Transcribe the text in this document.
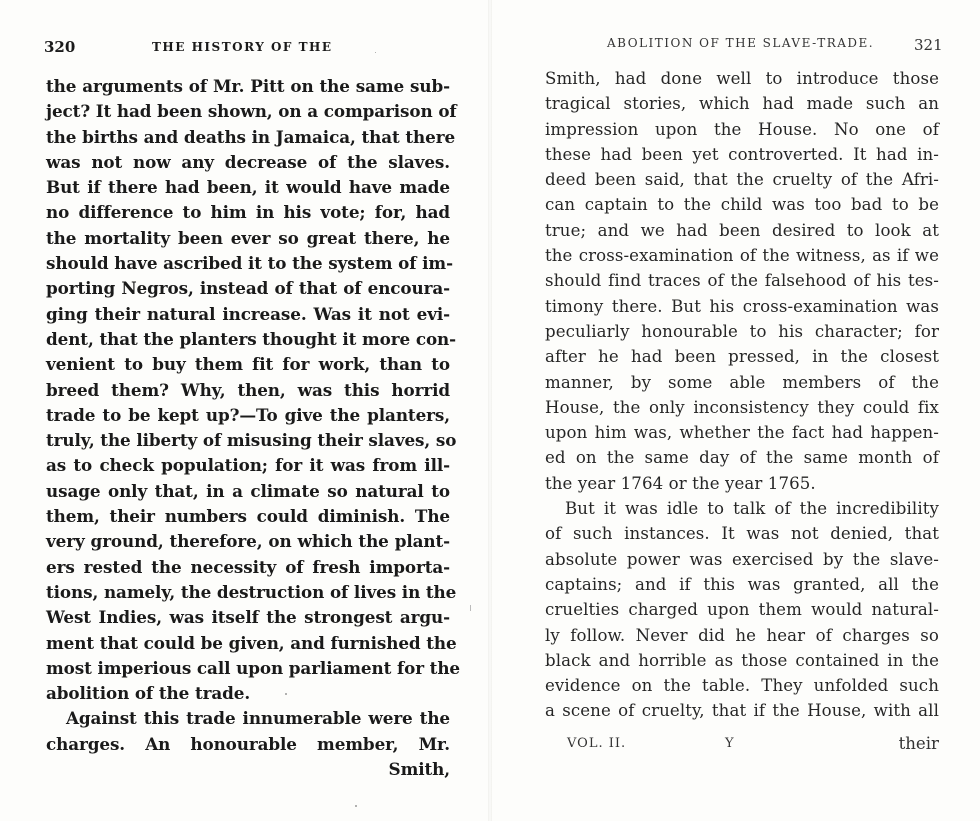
320	THE HISTORY OF THE
the arguments of Mr. Pitt on the same sub-
ject? It had been shown, on a comparison of
the births and deaths in Jamaica, that there
was not now any decrease of the slaves.
But if there had been, it would have made
no difference to him in his vote; for, had
the mortality been ever so great there, he
should have ascribed it to the system of im-
porting Negros, instead of that of encoura-
ging their natural increase. Was it not evi-
dent, that the planters thought it more con-
venient to buy them fit for work, than to
breed them? Why, then, was this horrid
trade to be kept up?—To give the planters,
truly, the liberty of misusing their slaves, so
as to check population; for it was from ill-
usage only that, in a climate so natural to
them, their numbers could diminish. The
very ground, therefore, on which the plant-
ers rested the necessity of fresh importa-
tions, namely, the destruction of lives in the
West Indies, was itself the strongest argu-
ment that could be given, and furnished the
most imperious call upon parliament for the
abolition of the trade.
Against this trade innumerable were the
charges. An honourable member, Mr.
Smith,
ABOLITION OF THE SLAVE-TRADE.	321
Smith, had done well to introduce those
tragical stories, which had made such an
impression upon the House. No one of
these had been yet controverted. It had in-
deed been said, that the cruelty of the Afri-
can captain to the child was too bad to be
true; and we had been desired to look at
the cross-examination of the witness, as if we
should find traces of the falsehood of his tes-
timony there. But his cross-examination was
peculiarly honourable to his character; for
after he had been pressed, in the closest
manner, by some able members of the
House, the only inconsistency they could fix
upon him was, whether the fact had happen-
ed on the same day of the same month of
the year 1764 or the year 1765.
But it was idle to talk of the incredibility
of such instances. It was not denied, that
absolute power was exercised by the slave-
captains; and if this was granted, all the
cruelties charged upon them would natural-
ly follow. Never did he hear of charges so
black and horrible as those contained in the
evidence on the table. They unfolded such
a scene of cruelty, that if the House, with all
VOL. II.	Y	their
